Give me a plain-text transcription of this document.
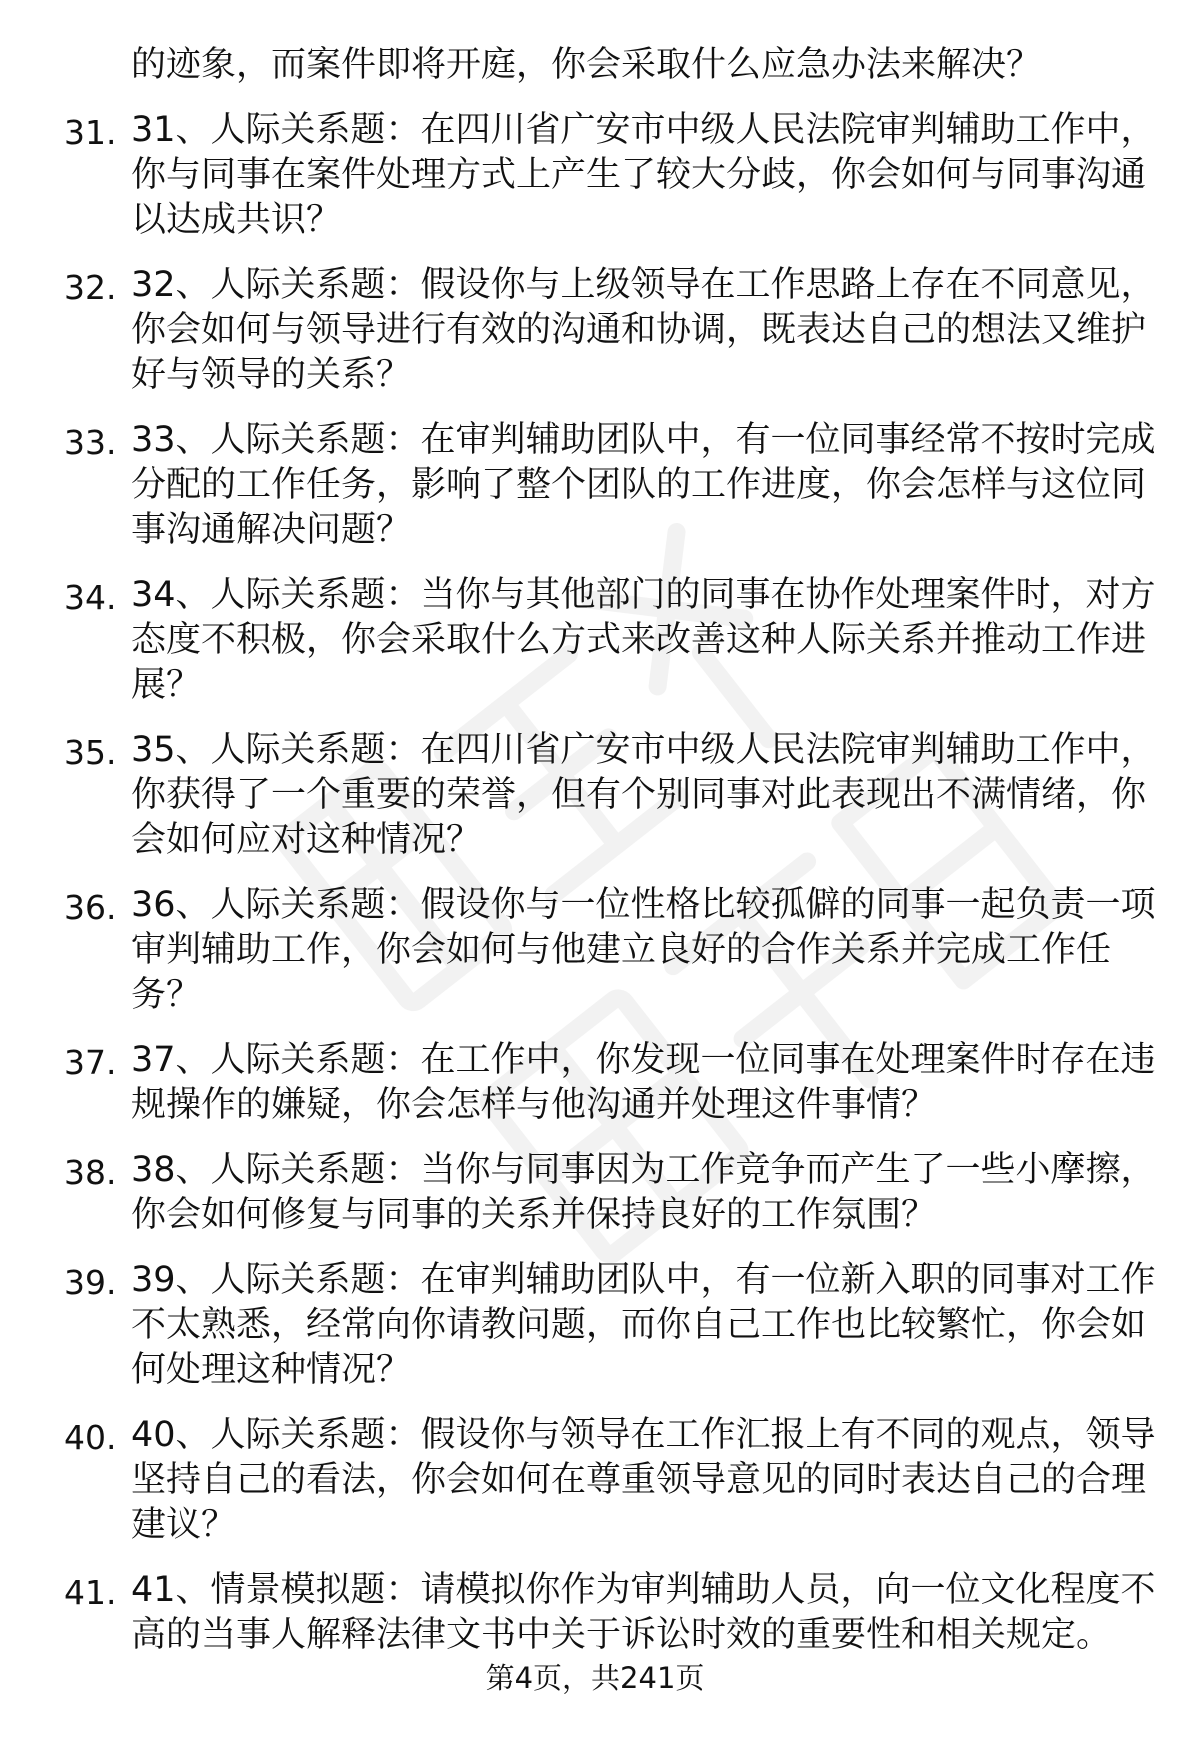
的迹象，而案件即将开庭，你会采取什么应急办法来解决？
31. 31、人际关系题：在四川省广安市中级人民法院审判辅助工作中，你与同事在案件处理方式上产生了较大分歧，你会如何与同事沟通以达成共识？
32. 32、人际关系题：假设你与上级领导在工作思路上存在不同意见，你会如何与领导进行有效的沟通和协调，既表达自己的想法又维护好与领导的关系？
33. 33、人际关系题：在审判辅助团队中，有一位同事经常不按时完成分配的工作任务，影响了整个团队的工作进度，你会怎样与这位同事沟通解决问题？
34. 34、人际关系题：当你与其他部门的同事在协作处理案件时，对方态度不积极，你会采取什么方式来改善这种人际关系并推动工作进展？
35. 35、人际关系题：在四川省广安市中级人民法院审判辅助工作中，你获得了一个重要的荣誉，但有个别同事对此表现出不满情绪，你会如何应对这种情况？
36. 36、人际关系题：假设你与一位性格比较孤僻的同事一起负责一项审判辅助工作，你会如何与他建立良好的合作关系并完成工作任务？
37. 37、人际关系题：在工作中，你发现一位同事在处理案件时存在违规操作的嫌疑，你会怎样与他沟通并处理这件事情？
38. 38、人际关系题：当你与同事因为工作竞争而产生了一些小摩擦，你会如何修复与同事的关系并保持良好的工作氛围？
39. 39、人际关系题：在审判辅助团队中，有一位新入职的同事对工作不太熟悉，经常向你请教问题，而你自己工作也比较繁忙，你会如何处理这种情况？
40. 40、人际关系题：假设你与领导在工作汇报上有不同的观点，领导坚持自己的看法，你会如何在尊重领导意见的同时表达自己的合理建议？
41. 41、情景模拟题：请模拟你作为审判辅助人员，向一位文化程度不高的当事人解释法律文书中关于诉讼时效的重要性和相关规定。
第4页，共241页
